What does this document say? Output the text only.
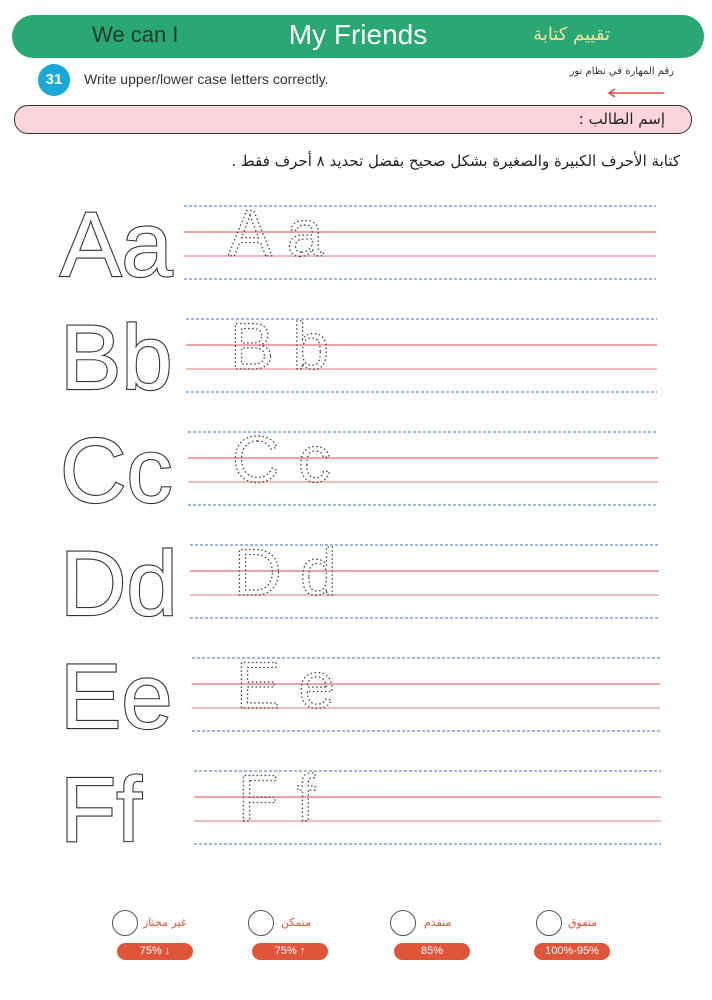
We can I	My Friends	تقييم كتابة
31	Write upper/lower case letters correctly.	رقم المهارة في نظام نور
إسم الطالب :
كتابة الأحرف الكبيرة والصغيرة بشكل صحيح بفضل تحديد ٨ أحرف فقط .
Aa A a
Bb B b
Cc C c
Dd D d
Ee E e
Ff F f
غير مجتاز
75% ↓
متمكن
75% ↑
متقدم
85%
متفوق
100%-95%
